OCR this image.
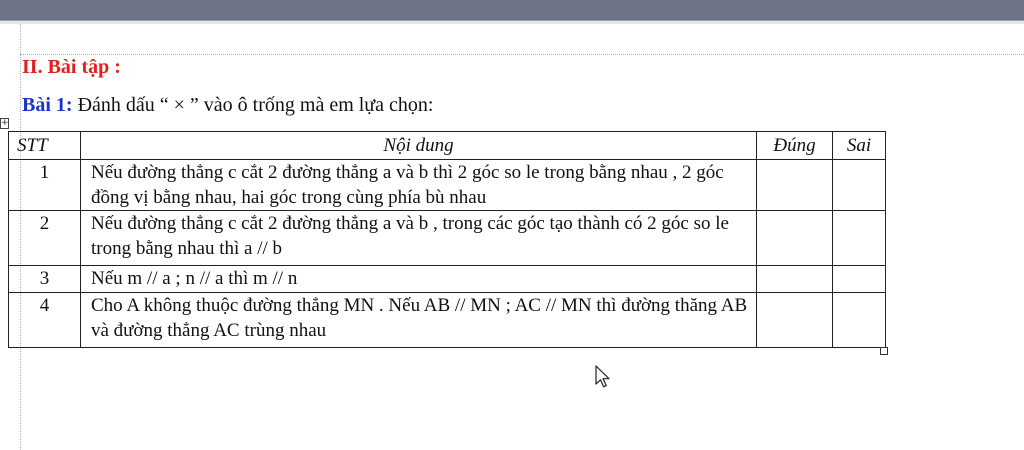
II. Bài tập :
Bài 1: Đánh dấu “ × ” vào ô trống mà em lựa chọn:
+
STT	Nội dung	Đúng	Sai
1	Nếu đường thẳng c cắt 2 đường thẳng a và b thì 2 góc so le trong bằng nhau , 2 góc đồng vị bằng nhau, hai góc trong cùng phía bù nhau		
2	Nếu đường thẳng c cắt 2 đường thẳng a và b , trong các góc tạo thành có 2 góc so le trong bằng nhau thì a // b		
3	Nếu m // a ; n // a thì m // n		
4	Cho A không thuộc đường thẳng MN . Nếu AB // MN ; AC // MN thì đường thăng AB và đường thẳng AC trùng nhau		
